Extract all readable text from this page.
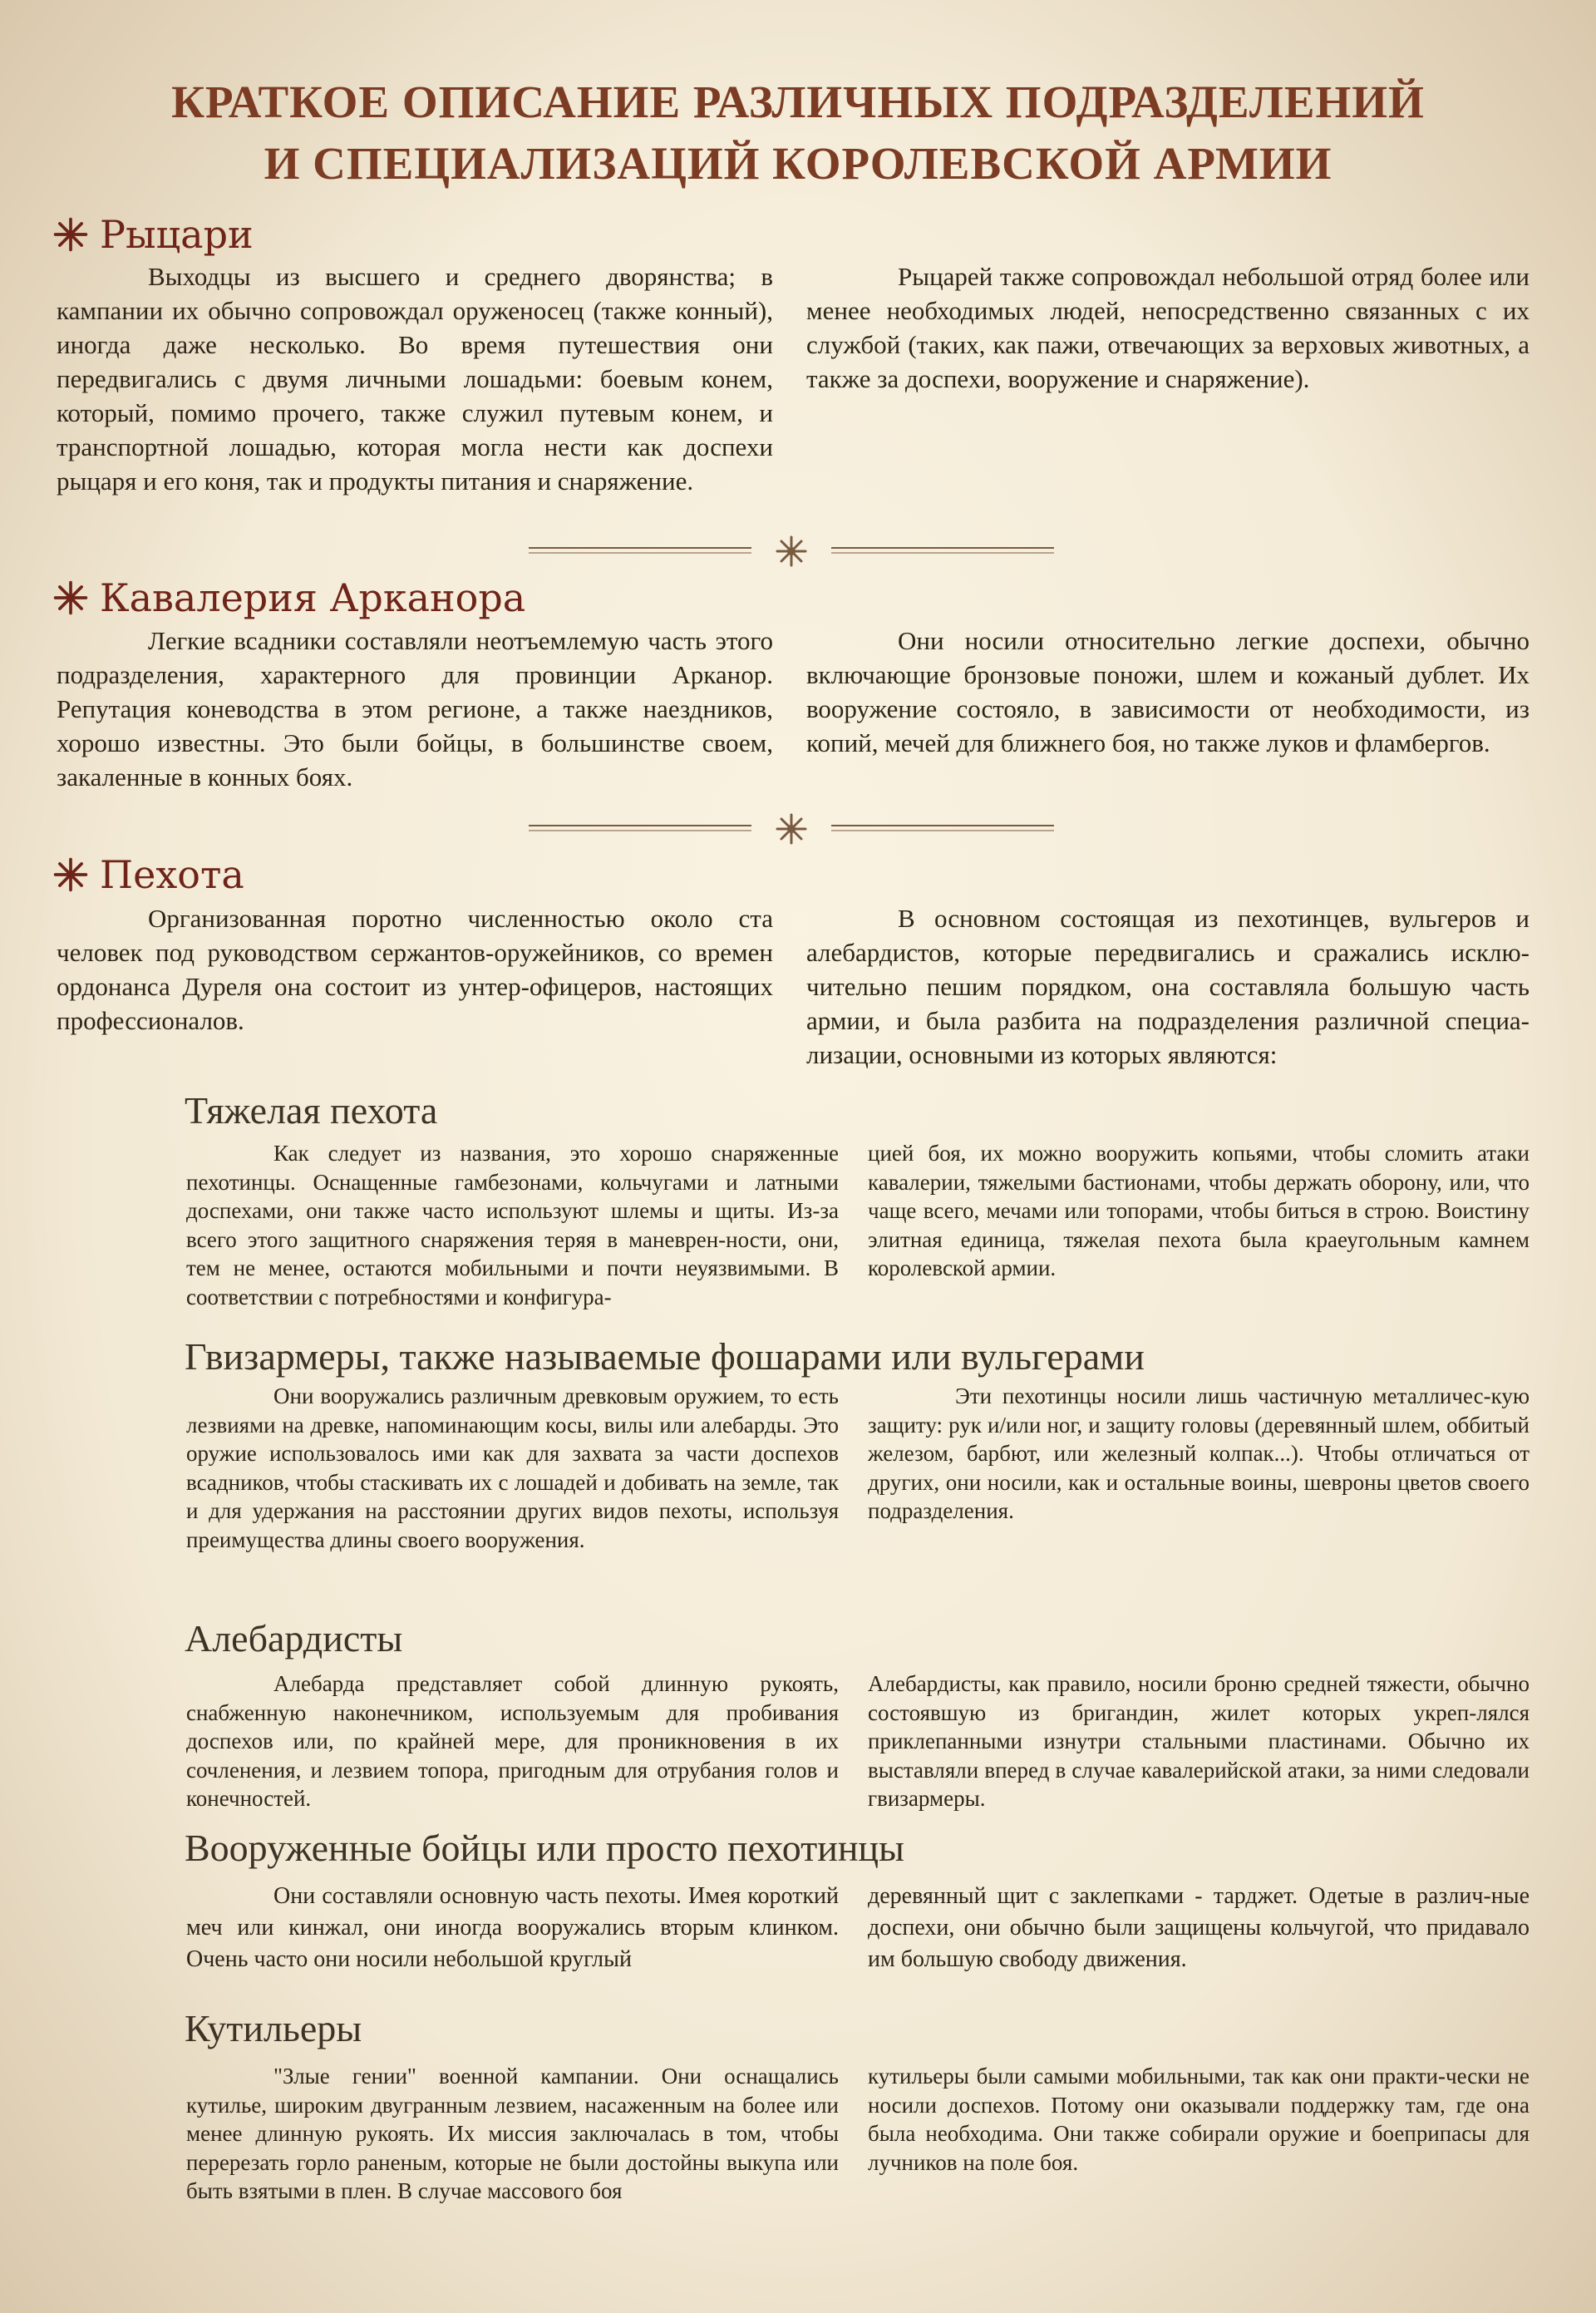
КРАТКОЕ ОПИСАНИЕ РАЗЛИЧНЫХ ПОДРАЗДЕЛЕНИЙ
И СПЕЦИАЛИЗАЦИЙ КОРОЛЕВСКОЙ АРМИИ
Рыцари

Выходцы из высшего и среднего дворянства; в кампании их обычно сопровождал оруженосец (также конный), иногда даже несколько. Во время путешествия они передвигались с двумя личными лошадьми: боевым конем, который, помимо прочего, также служил путевым конем, и транспортной лошадью, которая могла нести как доспехи рыцаря и его коня, так и продукты питания и снаряжение.

Рыцарей также сопровождал небольшой отряд более или менее необходимых людей, непосредственно связанных с их службой (таких, как пажи, отвечающих за верховых животных, а также за доспехи, вооружение и снаряжение).

Кавалерия Арканора

Легкие всадники составляли неотъемлемую часть этого подразделения, характерного для провинции Арканор. Репутация коневодства в этом регионе, а также наездников, хорошо известны. Это были бойцы, в большинстве своем, закаленные в конных боях.

Они носили относительно легкие доспехи, обычно включающие бронзовые поножи, шлем и кожаный дублет. Их вооружение состояло, в зависимости от необходимости, из копий, мечей для ближнего боя, но также луков и фламбергов.

Пехота

Организованная поротно численностью около ста человек под руководством сержантов-оружейников, со времен ордонанса Дуреля она состоит из унтер-офицеров, настоящих профессионалов.

В основном состоящая из пехотинцев, вульгеров и алебардистов, которые передвигались и сражались исклю-чительно пешим порядком, она составляла большую часть армии, и была разбита на подразделения различной специа-лизации, основными из которых являются:

Тяжелая пехота

Как следует из названия, это хорошо снаряженные пехотинцы. Оснащенные гамбезонами, кольчугами и латными доспехами, они также часто используют шлемы и щиты. Из-за всего этого защитного снаряжения теряя в маневрен-ности, они, тем не менее, остаются мобильными и почти неуязвимыми. В соответствии с потребностями и конфигура-

цией боя, их можно вооружить копьями, чтобы сломить атаки кавалерии, тяжелыми бастионами, чтобы держать оборону, или, что чаще всего, мечами или топорами, чтобы биться в строю. Воистину элитная единица, тяжелая пехота была краеугольным камнем королевской армии.

Гвизармеры, также называемые фошарами или вульгерами

Они вооружались различным древковым оружием, то есть лезвиями на древке, напоминающим косы, вилы или алебарды. Это оружие использовалось ими как для захвата за части доспехов всадников, чтобы стаскивать их с лошадей и добивать на земле, так и для удержания на расстоянии других видов пехоты, используя преимущества длины своего вооружения.

Эти пехотинцы носили лишь частичную металличес-кую защиту: рук и/или ног, и защиту головы (деревянный шлем, оббитый железом, барбют, или железный колпак...). Чтобы отличаться от других, они носили, как и остальные воины, шевроны цветов своего подразделения.

Алебардисты

Алебарда представляет собой длинную рукоять, снабженную наконечником, используемым для пробивания доспехов или, по крайней мере, для проникновения в их сочленения, и лезвием топора, пригодным для отрубания голов и конечностей.

Алебардисты, как правило, носили броню средней тяжести, обычно состоявшую из бригандин, жилет которых укреп-лялся приклепанными изнутри стальными пластинами. Обычно их выставляли вперед в случае кавалерийской атаки, за ними следовали гвизармеры.

Вооруженные бойцы или просто пехотинцы

Они составляли основную часть пехоты. Имея короткий меч или кинжал, они иногда вооружались вторым клинком. Очень часто они носили небольшой круглый

деревянный щит с заклепками - тарджет. Одетые в различ-ные доспехи, они обычно были защищены кольчугой, что придавало им большую свободу движения.

Кутильеры

"Злые гении" военной кампании. Они оснащались кутилье, широким двугранным лезвием, насаженным на более или менее длинную рукоять. Их миссия заключалась в том, чтобы перерезать горло раненым, которые не были достойны выкупа или быть взятыми в плен. В случае массового боя

кутильеры были самыми мобильными, так как они практи-чески не носили доспехов. Потому они оказывали поддержку там, где она была необходима. Они также собирали оружие и боеприпасы для лучников на поле боя.
